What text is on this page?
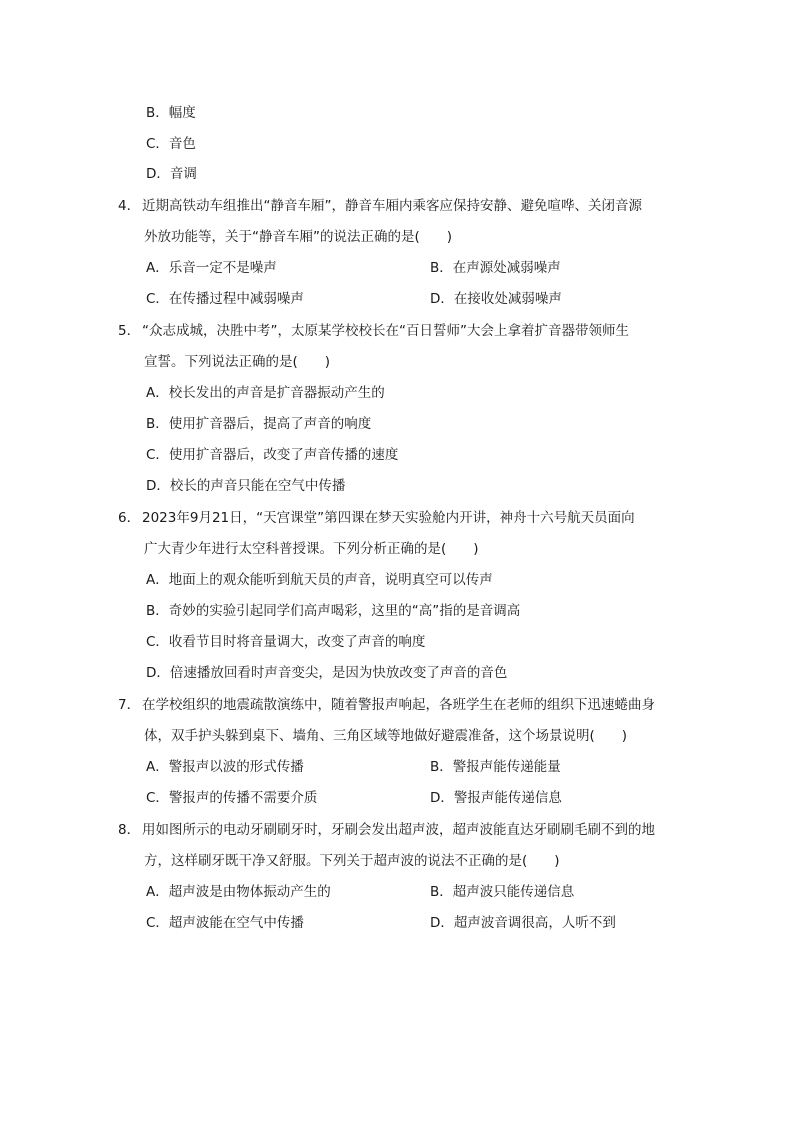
B．幅度
C．音色
D．音调
4． 近期高铁动车组推出“静音车厢”，静音车厢内乘客应保持安静、避免喧哗、关闭音源
外放功能等，关于“静音车厢”的说法正确的是(　　)
A．乐音一定不是噪声	B．在声源处减弱噪声
C．在传播过程中减弱噪声	D．在接收处减弱噪声
5． “众志成城，决胜中考”，太原某学校校长在“百日誓师”大会上拿着扩音器带领师生
宣誓。下列说法正确的是(　　)
A．校长发出的声音是扩音器振动产生的
B．使用扩音器后，提高了声音的响度
C．使用扩音器后，改变了声音传播的速度
D．校长的声音只能在空气中传播
6． 2023年9月21日，“天宫课堂”第四课在梦天实验舱内开讲，神舟十六号航天员面向
广大青少年进行太空科普授课。下列分析正确的是(　　)
A．地面上的观众能听到航天员的声音，说明真空可以传声
B．奇妙的实验引起同学们高声喝彩，这里的“高”指的是音调高
C．收看节目时将音量调大，改变了声音的响度
D．倍速播放回看时声音变尖，是因为快放改变了声音的音色
7． 在学校组织的地震疏散演练中，随着警报声响起，各班学生在老师的组织下迅速蜷曲身
体，双手护头躲到桌下、墙角、三角区域等地做好避震准备，这个场景说明(　　)
A．警报声以波的形式传播	B．警报声能传递能量
C．警报声的传播不需要介质	D．警报声能传递信息
8． 用如图所示的电动牙刷刷牙时，牙刷会发出超声波，超声波能直达牙刷刷毛刷不到的地
方，这样刷牙既干净又舒服。下列关于超声波的说法不正确的是(　　)
A．超声波是由物体振动产生的	B．超声波只能传递信息
C．超声波能在空气中传播	D．超声波音调很高，人听不到
